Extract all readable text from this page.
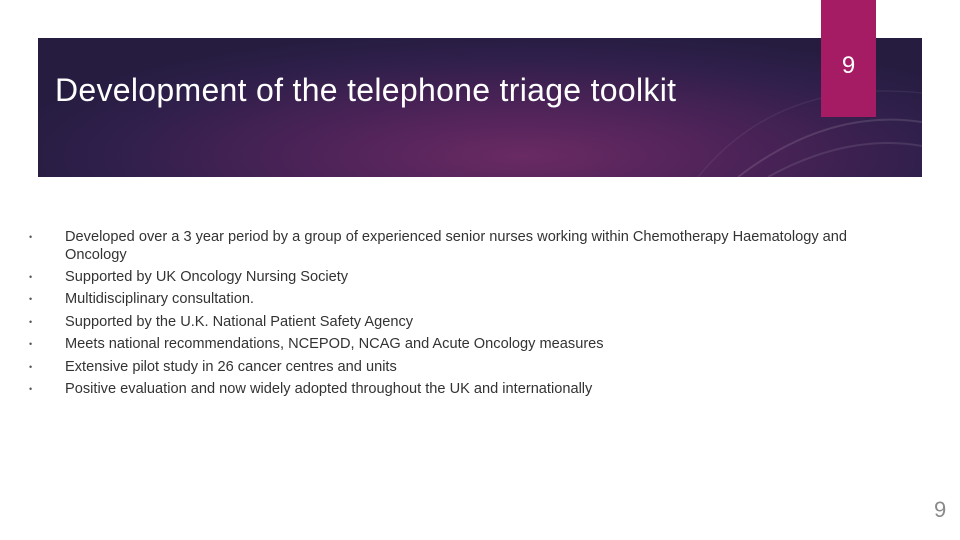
Development of the telephone triage toolkit
9
• Developed over a 3 year period by a group of experienced senior nurses working within Chemotherapy Haematology and Oncology
• Supported by UK Oncology Nursing Society
• Multidisciplinary consultation.
• Supported by the U.K. National Patient Safety Agency
• Meets national recommendations, NCEPOD, NCAG and Acute Oncology measures
• Extensive pilot study in 26 cancer centres and units
• Positive evaluation and now widely adopted throughout the UK and internationally
9
